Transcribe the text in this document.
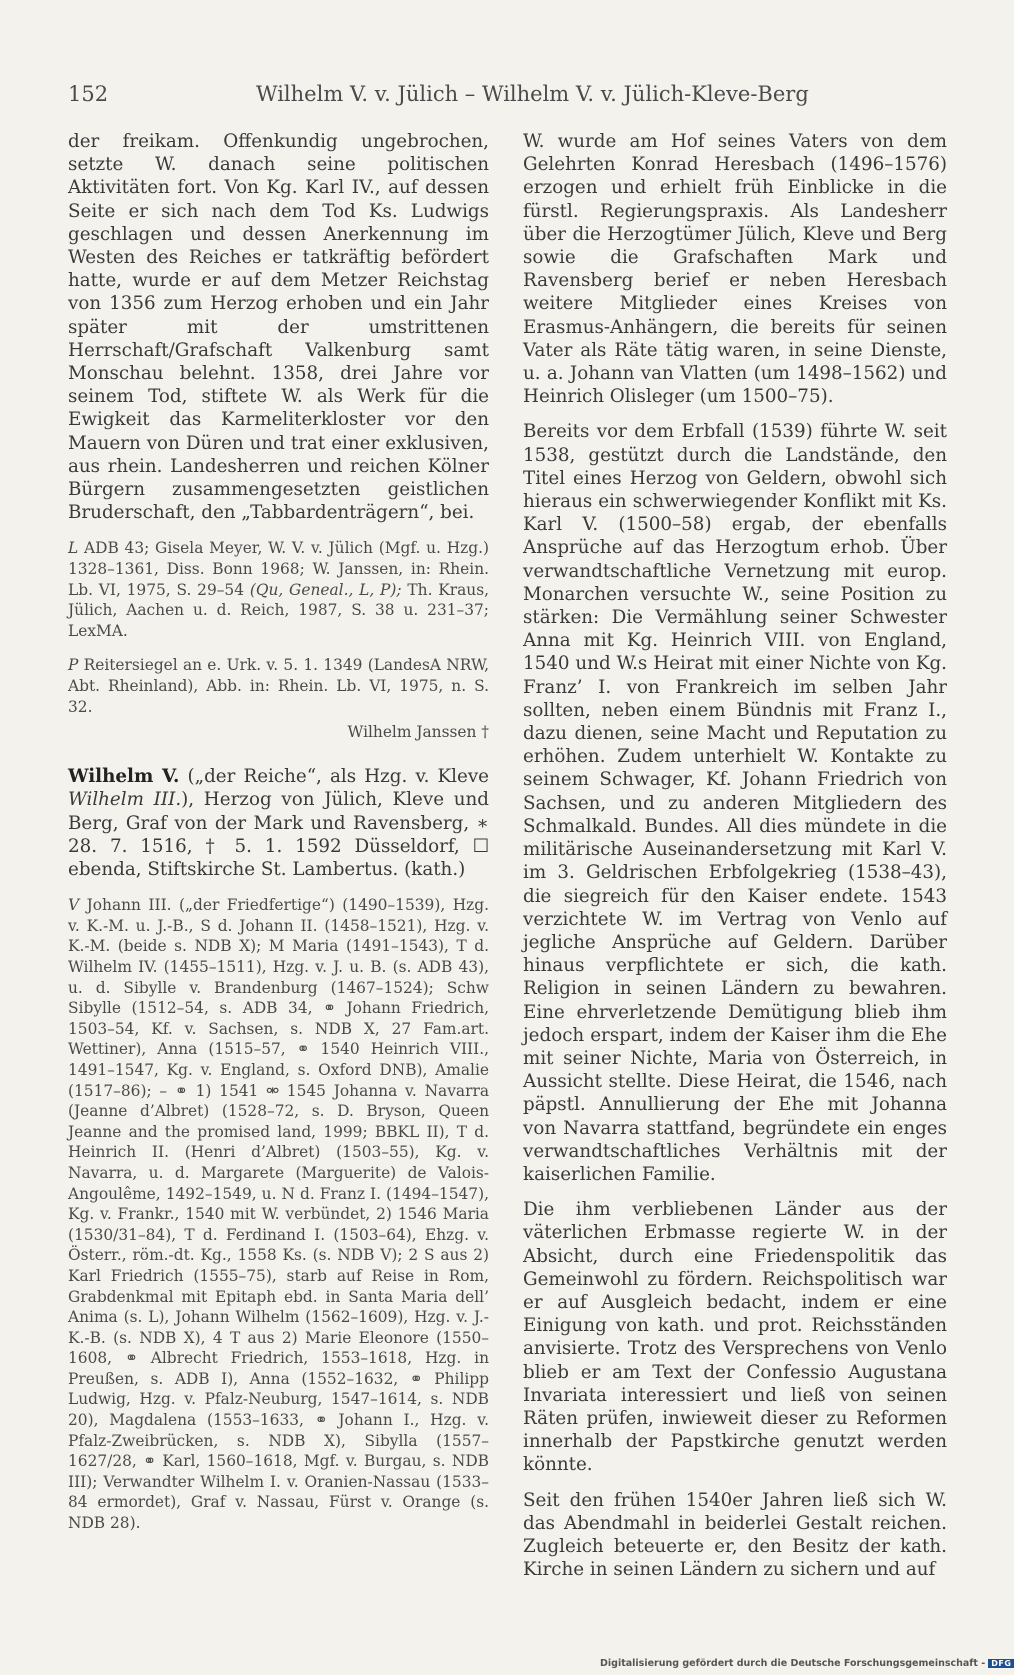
152	Wilhelm V. v. Jülich – Wilhelm V. v. Jülich-Kleve-Berg

der freikam. Offenkundig ungebrochen, setzte W. danach seine politischen Aktivitäten fort. Von Kg. Karl IV., auf dessen Seite er sich nach dem Tod Ks. Ludwigs geschlagen und dessen Anerkennung im Westen des Reiches er tatkräftig befördert hatte, wurde er auf dem Metzer Reichstag von 1356 zum Herzog erhoben und ein Jahr später mit der umstrittenen Herrschaft/Grafschaft Valkenburg samt Monschau belehnt. 1358, drei Jahre vor seinem Tod, stiftete W. als Werk für die Ewigkeit das Karmeliterkloster vor den Mauern von Düren und trat einer exklusiven, aus rhein. Landesherren und reichen Kölner Bürgern zusammengesetzten geistlichen Bruderschaft, den „Tabbardenträgern“, bei.

L ADB 43; Gisela Meyer, W. V. v. Jülich (Mgf. u. Hzg.) 1328–1361, Diss. Bonn 1968; W. Janssen, in: Rhein. Lb. VI, 1975, S. 29–54 (Qu, Geneal., L, P); Th. Kraus, Jülich, Aachen u. d. Reich, 1987, S. 38 u. 231–37; LexMA.

P Reitersiegel an e. Urk. v. 5. 1. 1349 (LandesA NRW, Abt. Rheinland), Abb. in: Rhein. Lb. VI, 1975, n. S. 32.

Wilhelm Janssen †

Wilhelm V. („der Reiche“, als Hzg. v. Kleve Wilhelm III.), Herzog von Jülich, Kleve und Berg, Graf von der Mark und Ravensberg, ∗ 28. 7. 1516, † 5. 1. 1592 Düsseldorf, ☐ ebenda, Stiftskirche St. Lambertus. (kath.)

V Johann III. („der Friedfertige“) (1490–1539), Hzg. v. K.-M. u. J.-B., S d. Johann II. (1458–1521), Hzg. v. K.-M. (beide s. NDB X); M Maria (1491–1543), T d. Wilhelm IV. (1455–1511), Hzg. v. J. u. B. (s. ADB 43), u. d. Sibylle v. Brandenburg (1467–1524); Schw Sibylle (1512–54, s. ADB 34, ⚭ Johann Friedrich, 1503–54, Kf. v. Sachsen, s. NDB X, 27 Fam.art. Wettiner), Anna (1515–57, ⚭ 1540 Heinrich VIII., 1491–1547, Kg. v. England, s. Oxford DNB), Amalie (1517–86); – ⚭ 1) 1541 ⚮ 1545 Johanna v. Navarra (Jeanne d’Albret) (1528–72, s. D. Bryson, Queen Jeanne and the promised land, 1999; BBKL II), T d. Heinrich II. (Henri d’Albret) (1503–55), Kg. v. Navarra, u. d. Margarete (Marguerite) de Valois-Angoulême, 1492–1549, u. N d. Franz I. (1494–1547), Kg. v. Frankr., 1540 mit W. verbündet, 2) 1546 Maria (1530/31–84), T d. Ferdinand I. (1503–64), Ehzg. v. Österr., röm.-dt. Kg., 1558 Ks. (s. NDB V); 2 S aus 2) Karl Friedrich (1555–75), starb auf Reise in Rom, Grabdenkmal mit Epitaph ebd. in Santa Maria dell’ Anima (s. L), Johann Wilhelm (1562–1609), Hzg. v. J.-K.-B. (s. NDB X), 4 T aus 2) Marie Eleonore (1550–1608, ⚭ Albrecht Friedrich, 1553–1618, Hzg. in Preußen, s. ADB I), Anna (1552–1632, ⚭ Philipp Ludwig, Hzg. v. Pfalz-Neuburg, 1547–1614, s. NDB 20), Magdalena (1553–1633, ⚭ Johann I., Hzg. v. Pfalz-Zweibrücken, s. NDB X), Sibylla (1557–1627/28, ⚭ Karl, 1560–1618, Mgf. v. Burgau, s. NDB III); Verwandter Wilhelm I. v. Oranien-Nassau (1533–84 ermordet), Graf v. Nassau, Fürst v. Orange (s. NDB 28).

W. wurde am Hof seines Vaters von dem Gelehrten Konrad Heresbach (1496–1576) erzogen und erhielt früh Einblicke in die fürstl. Regierungspraxis. Als Landesherr über die Herzogtümer Jülich, Kleve und Berg sowie die Grafschaften Mark und Ravensberg berief er neben Heresbach weitere Mitglieder eines Kreises von Erasmus-Anhängern, die bereits für seinen Vater als Räte tätig waren, in seine Dienste, u. a. Johann van Vlatten (um 1498–1562) und Heinrich Olisleger (um 1500–75).

Bereits vor dem Erbfall (1539) führte W. seit 1538, gestützt durch die Landstände, den Titel eines Herzog von Geldern, obwohl sich hieraus ein schwerwiegender Konflikt mit Ks. Karl V. (1500–58) ergab, der ebenfalls Ansprüche auf das Herzogtum erhob. Über verwandtschaftliche Vernetzung mit europ. Monarchen versuchte W., seine Position zu stärken: Die Vermählung seiner Schwester Anna mit Kg. Heinrich VIII. von England, 1540 und W.s Heirat mit einer Nichte von Kg. Franz’ I. von Frankreich im selben Jahr sollten, neben einem Bündnis mit Franz I., dazu dienen, seine Macht und Reputation zu erhöhen. Zudem unterhielt W. Kontakte zu seinem Schwager, Kf. Johann Friedrich von Sachsen, und zu anderen Mitgliedern des Schmalkald. Bundes. All dies mündete in die militärische Auseinandersetzung mit Karl V. im 3. Geldrischen Erbfolgekrieg (1538–43), die siegreich für den Kaiser endete. 1543 verzichtete W. im Vertrag von Venlo auf jegliche Ansprüche auf Geldern. Darüber hinaus verpflichtete er sich, die kath. Religion in seinen Ländern zu bewahren. Eine ehrverletzende Demütigung blieb ihm jedoch erspart, indem der Kaiser ihm die Ehe mit seiner Nichte, Maria von Österreich, in Aussicht stellte. Diese Heirat, die 1546, nach päpstl. Annullierung der Ehe mit Johanna von Navarra stattfand, begründete ein enges verwandtschaftliches Verhältnis mit der kaiserlichen Familie.

Die ihm verbliebenen Länder aus der väterlichen Erbmasse regierte W. in der Absicht, durch eine Friedenspolitik das Gemeinwohl zu fördern. Reichspolitisch war er auf Ausgleich bedacht, indem er eine Einigung von kath. und prot. Reichsständen anvisierte. Trotz des Versprechens von Venlo blieb er am Text der Confessio Augustana Invariata interessiert und ließ von seinen Räten prüfen, inwieweit dieser zu Reformen innerhalb der Papstkirche genutzt werden könnte.

Seit den frühen 1540er Jahren ließ sich W. das Abendmahl in beiderlei Gestalt reichen. Zugleich beteuerte er, den Besitz der kath. Kirche in seinen Ländern zu sichern und auf

Digitalisierung gefördert durch die Deutsche Forschungsgemeinschaft - DFG
